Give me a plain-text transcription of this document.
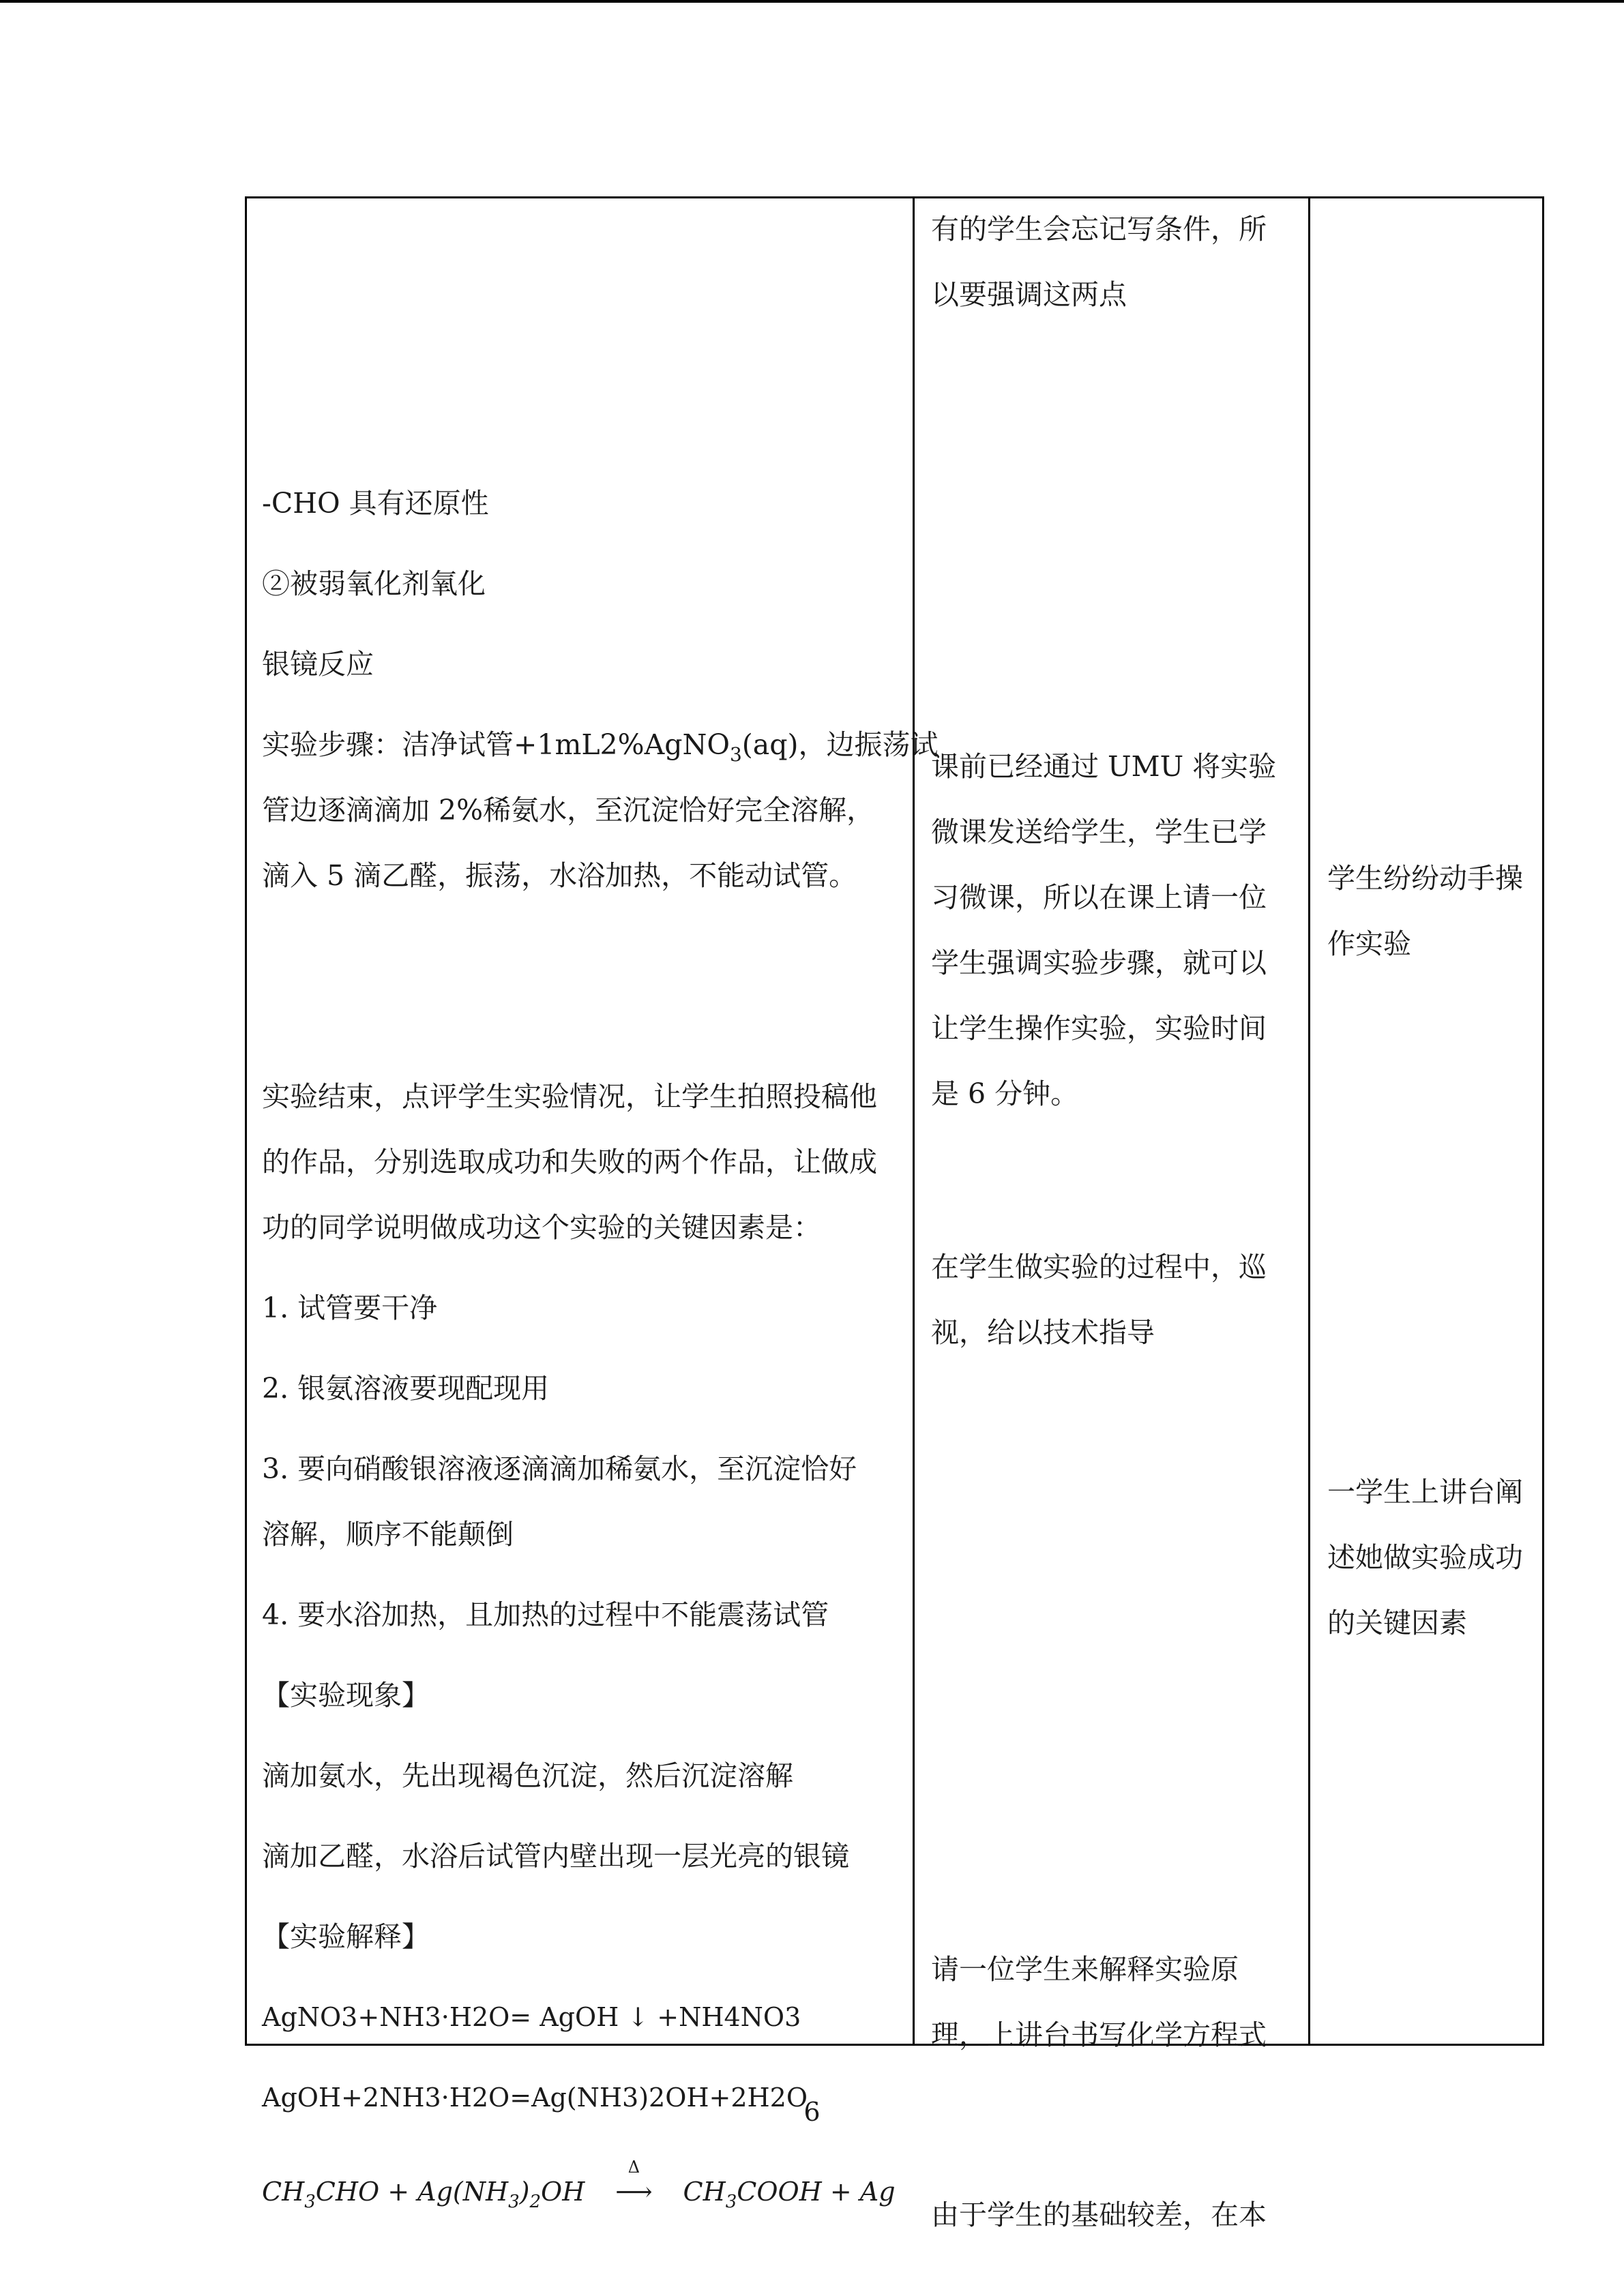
-CHO 具有还原性
②被弱氧化剂氧化
银镜反应
实验步骤：洁净试管+1mL2%AgNO$_3$(aq)，边振荡试
管边逐滴滴加 2%稀氨水，至沉淀恰好完全溶解，
滴入 5 滴乙醛，振荡，水浴加热，不能动试管。
实验结束，点评学生实验情况，让学生拍照投稿他
的作品，分别选取成功和失败的两个作品，让做成
功的同学说明做成功这个实验的关键因素是：
1. 试管要干净
2. 银氨溶液要现配现用
3. 要向硝酸银溶液逐滴滴加稀氨水，至沉淀恰好
溶解，顺序不能颠倒
4. 要水浴加热，且加热的过程中不能震荡试管
【实验现象】
滴加氨水，先出现褐色沉淀，然后沉淀溶解
滴加乙醛，水浴后试管内壁出现一层光亮的银镜
【实验解释】
AgNO3+NH3·H2O= AgOH ↓ +NH4NO3
AgOH+2NH3·H2O=Ag(NH3)2OH+2H2O
$CH_3CHO + Ag(NH_3)_2OH$
Δ
⟶ $CH_3COOH + Ag$
有的学生会忘记写条件，所
以要强调这两点
课前已经通过 UMU 将实验
微课发送给学生，学生已学
习微课，所以在课上请一位
学生强调实验步骤，就可以
让学生操作实验，实验时间
是 6 分钟。
在学生做实验的过程中，巡
视，给以技术指导
请一位学生来解释实验原
理，上讲台书写化学方程式
由于学生的基础较差，在本
学生纷纷动手操
作实验
一学生上讲台阐
述她做实验成功
的关键因素
6
